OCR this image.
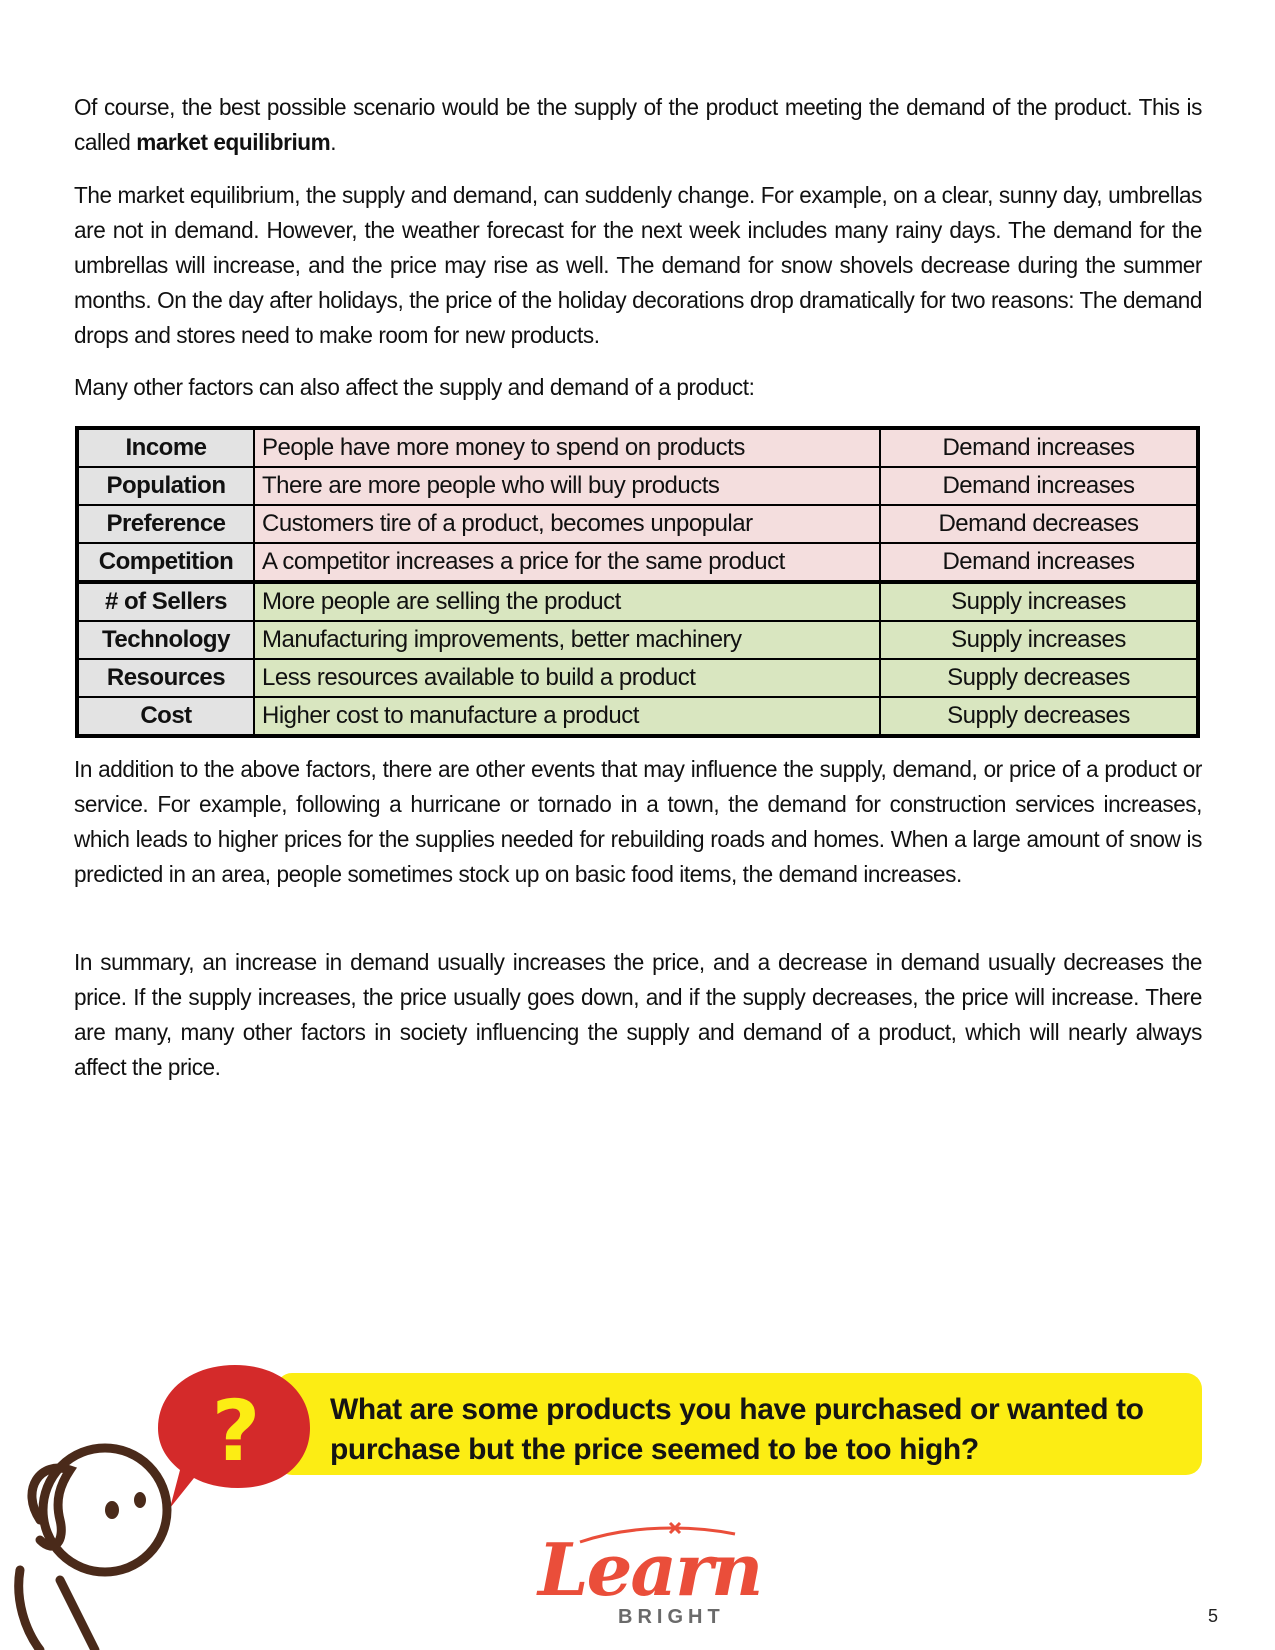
Of course, the best possible scenario would be the supply of the product meeting the demand of the product. This is called market equilibrium.

The market equilibrium, the supply and demand, can suddenly change. For example, on a clear, sunny day, umbrellas are not in demand. However, the weather forecast for the next week includes many rainy days. The demand for the umbrellas will increase, and the price may rise as well. The demand for snow shovels decrease during the summer months. On the day after holidays, the price of the holiday decorations drop dramatically for two reasons: The demand drops and stores need to make room for new products.

Many other factors can also affect the supply and demand of a product:

Income	People have more money to spend on products	Demand increases
Population	There are more people who will buy products	Demand increases
Preference	Customers tire of a product, becomes unpopular	Demand decreases
Competition	A competitor increases a price for the same product	Demand increases
# of Sellers	More people are selling the product	Supply increases
Technology	Manufacturing improvements, better machinery	Supply increases
Resources	Less resources available to build a product	Supply decreases
Cost	Higher cost to manufacture a product	Supply decreases

In addition to the above factors, there are other events that may influence the supply, demand, or price of a product or service. For example, following a hurricane or tornado in a town, the demand for construction services increases, which leads to higher prices for the supplies needed for rebuilding roads and homes. When a large amount of snow is predicted in an area, people sometimes stock up on basic food items, the demand increases.

In summary, an increase in demand usually increases the price, and a decrease in demand usually decreases the price. If the supply increases, the price usually goes down, and if the supply decreases, the price will increase. There are many, many other factors in society influencing the supply and demand of a product, which will nearly always affect the price.

? What are some products you have purchased or wanted to purchase but the price seemed to be too high?

Learn

BRIGHT	5
